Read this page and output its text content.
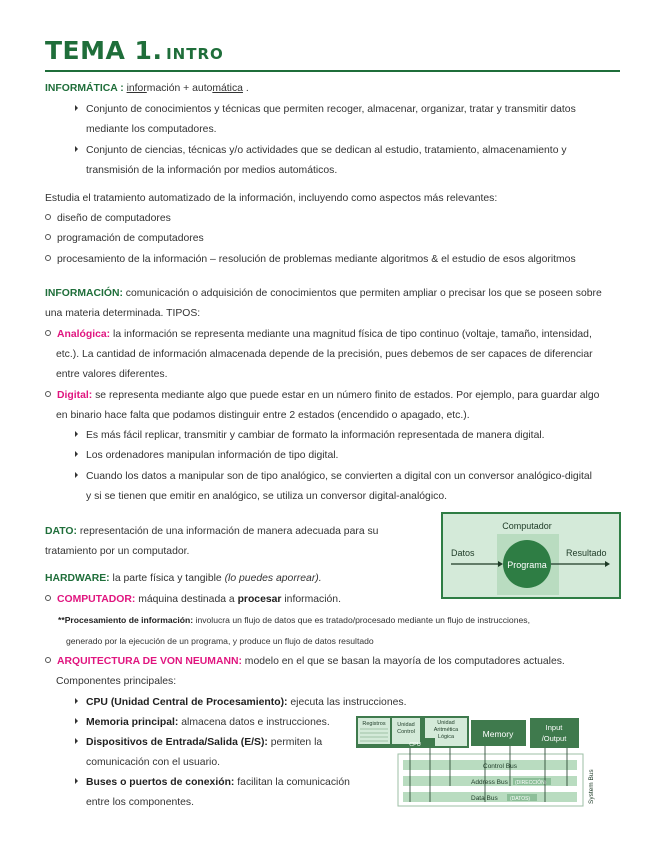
TEMA 1. INTRO
INFORMÁTICA : información + automática .
Conjunto de conocimientos y técnicas que permiten recoger, almacenar, organizar, tratar y transmitir datos
mediante los computadores.
Conjunto de ciencias, técnicas y/o actividades que se dedican al estudio, tratamiento, almacenamiento y
transmisión de la información por medios automáticos.
Estudia el tratamiento automatizado de la información, incluyendo como aspectos más relevantes:
diseño de computadores
programación de computadores
procesamiento de la información – resolución de problemas mediante algoritmos & el estudio de esos algoritmos
INFORMACIÓN: comunicación o adquisición de conocimientos que permiten ampliar o precisar los que se poseen sobre
una materia determinada. TIPOS:
Analógica: la información se representa mediante una magnitud física de tipo continuo (voltaje, tamaño, intensidad,
etc.). La cantidad de información almacenada depende de la precisión, pues debemos de ser capaces de diferenciar
entre valores diferentes.
Digital: se representa mediante algo que puede estar en un número finito de estados. Por ejemplo, para guardar algo
en binario hace falta que podamos distinguir entre 2 estados (encendido o apagado, etc.).
Es más fácil replicar, transmitir y cambiar de formato la información representada de manera digital.
Los ordenadores manipulan información de tipo digital.
Cuando los datos a manipular son de tipo analógico, se convierten a digital con un conversor analógico-digital
y si se tienen que emitir en analógico, se utiliza un conversor digital-analógico.
DATO: representación de una información de manera adecuada para su
tratamiento por un computador.
Computador
Datos
Programa
Resultado
HARDWARE: la parte física y tangible (lo puedes aporrear).
COMPUTADOR: máquina destinada a procesar información.
**Procesamiento de información: involucra un flujo de datos que es tratado/procesado mediante un flujo de instrucciones,
generado por la ejecución de un programa, y produce un flujo de datos resultado
ARQUITECTURA DE VON NEUMANN: modelo en el que se basan la mayoría de los computadores actuales.
Componentes principales:
CPU (Unidad Central de Procesamiento): ejecuta las instrucciones.
Memoria principal: almacena datos e instrucciones.
Dispositivos de Entrada/Salida (E/S): permiten la
comunicación con el usuario.
Buses o puertos de conexión: facilitan la comunicación
entre los componentes.
Registros Unidad
Control
CPU
Unidad
Aritmética
Lógica	Memory
Input
/Output
Control Bus
Address Bus (DIRECCIÓN)
Data Bus (DATOS)	System Bus
